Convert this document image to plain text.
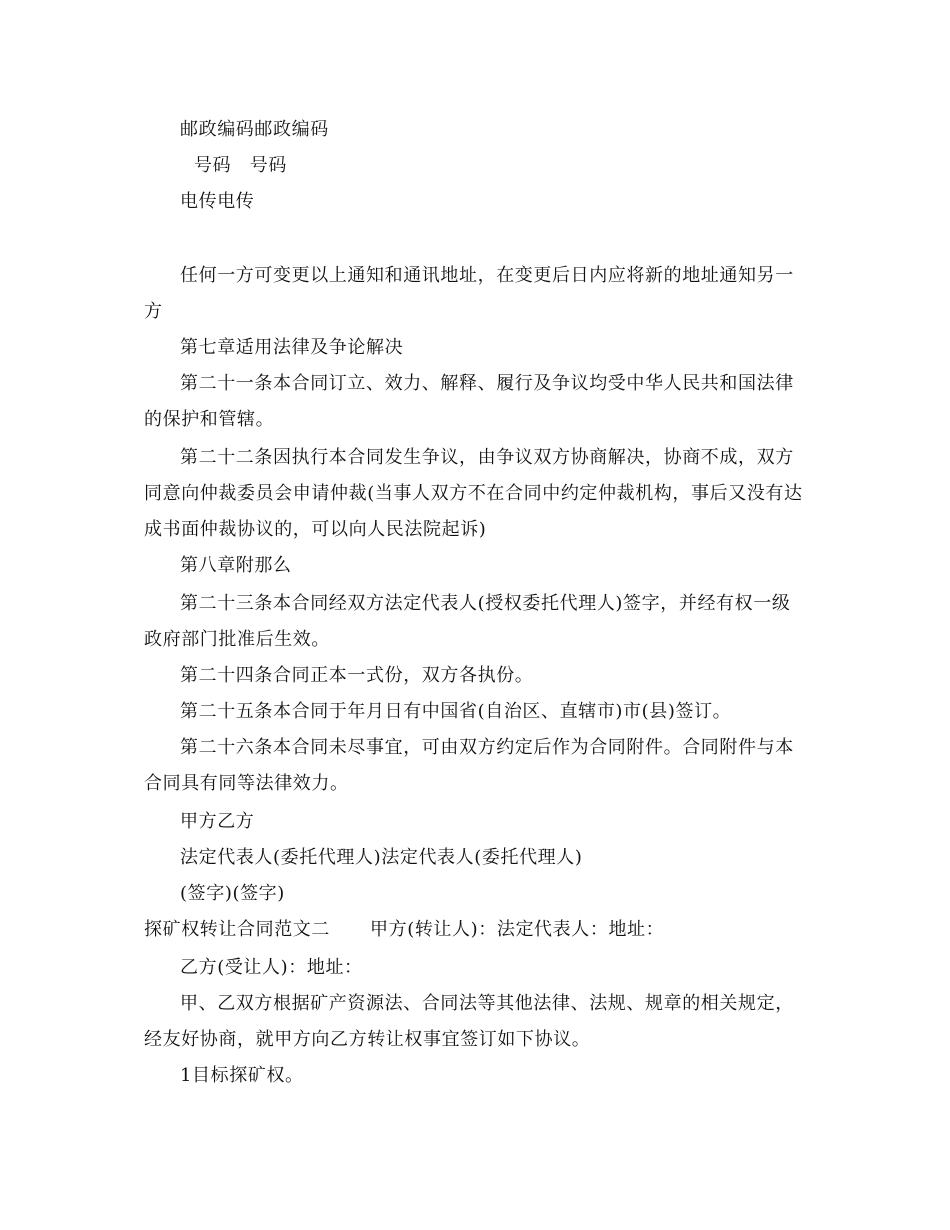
邮政编码邮政编码
号码　号码
电传电传
任何一方可变更以上通知和通讯地址，在变更后日内应将新的地址通知另一
方
第七章适用法律及争论解决
第二十一条本合同订立、效力、解释、履行及争议均受中华人民共和国法律
的保护和管辖。
第二十二条因执行本合同发生争议，由争议双方协商解决，协商不成，双方
同意向仲裁委员会申请仲裁(当事人双方不在合同中约定仲裁机构，事后又没有达
成书面仲裁协议的，可以向人民法院起诉)
第八章附那么
第二十三条本合同经双方法定代表人(授权委托代理人)签字，并经有权一级
政府部门批准后生效。
第二十四条合同正本一式份，双方各执份。
第二十五条本合同于年月日有中国省(自治区、直辖市)市(县)签订。
第二十六条本合同未尽事宜，可由双方约定后作为合同附件。合同附件与本
合同具有同等法律效力。
甲方乙方
法定代表人(委托代理人)法定代表人(委托代理人)
(签字)(签字)
探矿权转让合同范文二 甲方(转让人)：法定代表人：地址：
乙方(受让人)：地址：
甲、乙双方根据矿产资源法、合同法等其他法律、法规、规章的相关规定，
经友好协商，就甲方向乙方转让权事宜签订如下协议。
1目标探矿权。
